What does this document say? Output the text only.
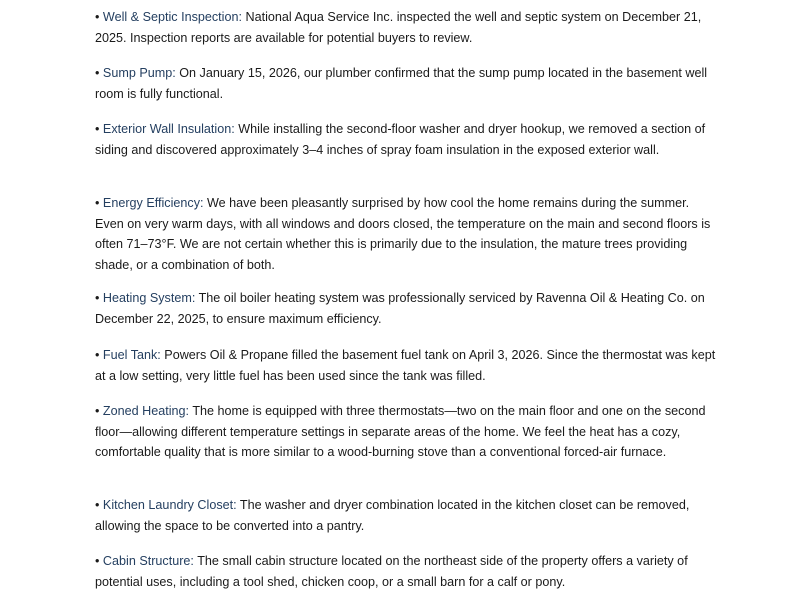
• Well & Septic Inspection: National Aqua Service Inc. inspected the well and septic system on December 21, 2025. Inspection reports are available for potential buyers to review.

• Sump Pump: On January 15, 2026, our plumber confirmed that the sump pump located in the basement well room is fully functional.

• Exterior Wall Insulation: While installing the second-floor washer and dryer hookup, we removed a section of siding and discovered approximately 3–4 inches of spray foam insulation in the exposed exterior wall.

• Energy Efficiency: We have been pleasantly surprised by how cool the home remains during the summer. Even on very warm days, with all windows and doors closed, the temperature on the main and second floors is often 71–73°F. We are not certain whether this is primarily due to the insulation, the mature trees providing shade, or a combination of both.

• Heating System: The oil boiler heating system was professionally serviced by Ravenna Oil & Heating Co. on December 22, 2025, to ensure maximum efficiency.

• Fuel Tank: Powers Oil & Propane filled the basement fuel tank on April 3, 2026. Since the thermostat was kept at a low setting, very little fuel has been used since the tank was filled.

• Zoned Heating: The home is equipped with three thermostats—two on the main floor and one on the second floor—allowing different temperature settings in separate areas of the home. We feel the heat has a cozy, comfortable quality that is more similar to a wood-burning stove than a conventional forced-air furnace.

• Kitchen Laundry Closet: The washer and dryer combination located in the kitchen closet can be removed, allowing the space to be converted into a pantry.

• Cabin Structure: The small cabin structure located on the northeast side of the property offers a variety of potential uses, including a tool shed, chicken coop, or a small barn for a calf or pony.
